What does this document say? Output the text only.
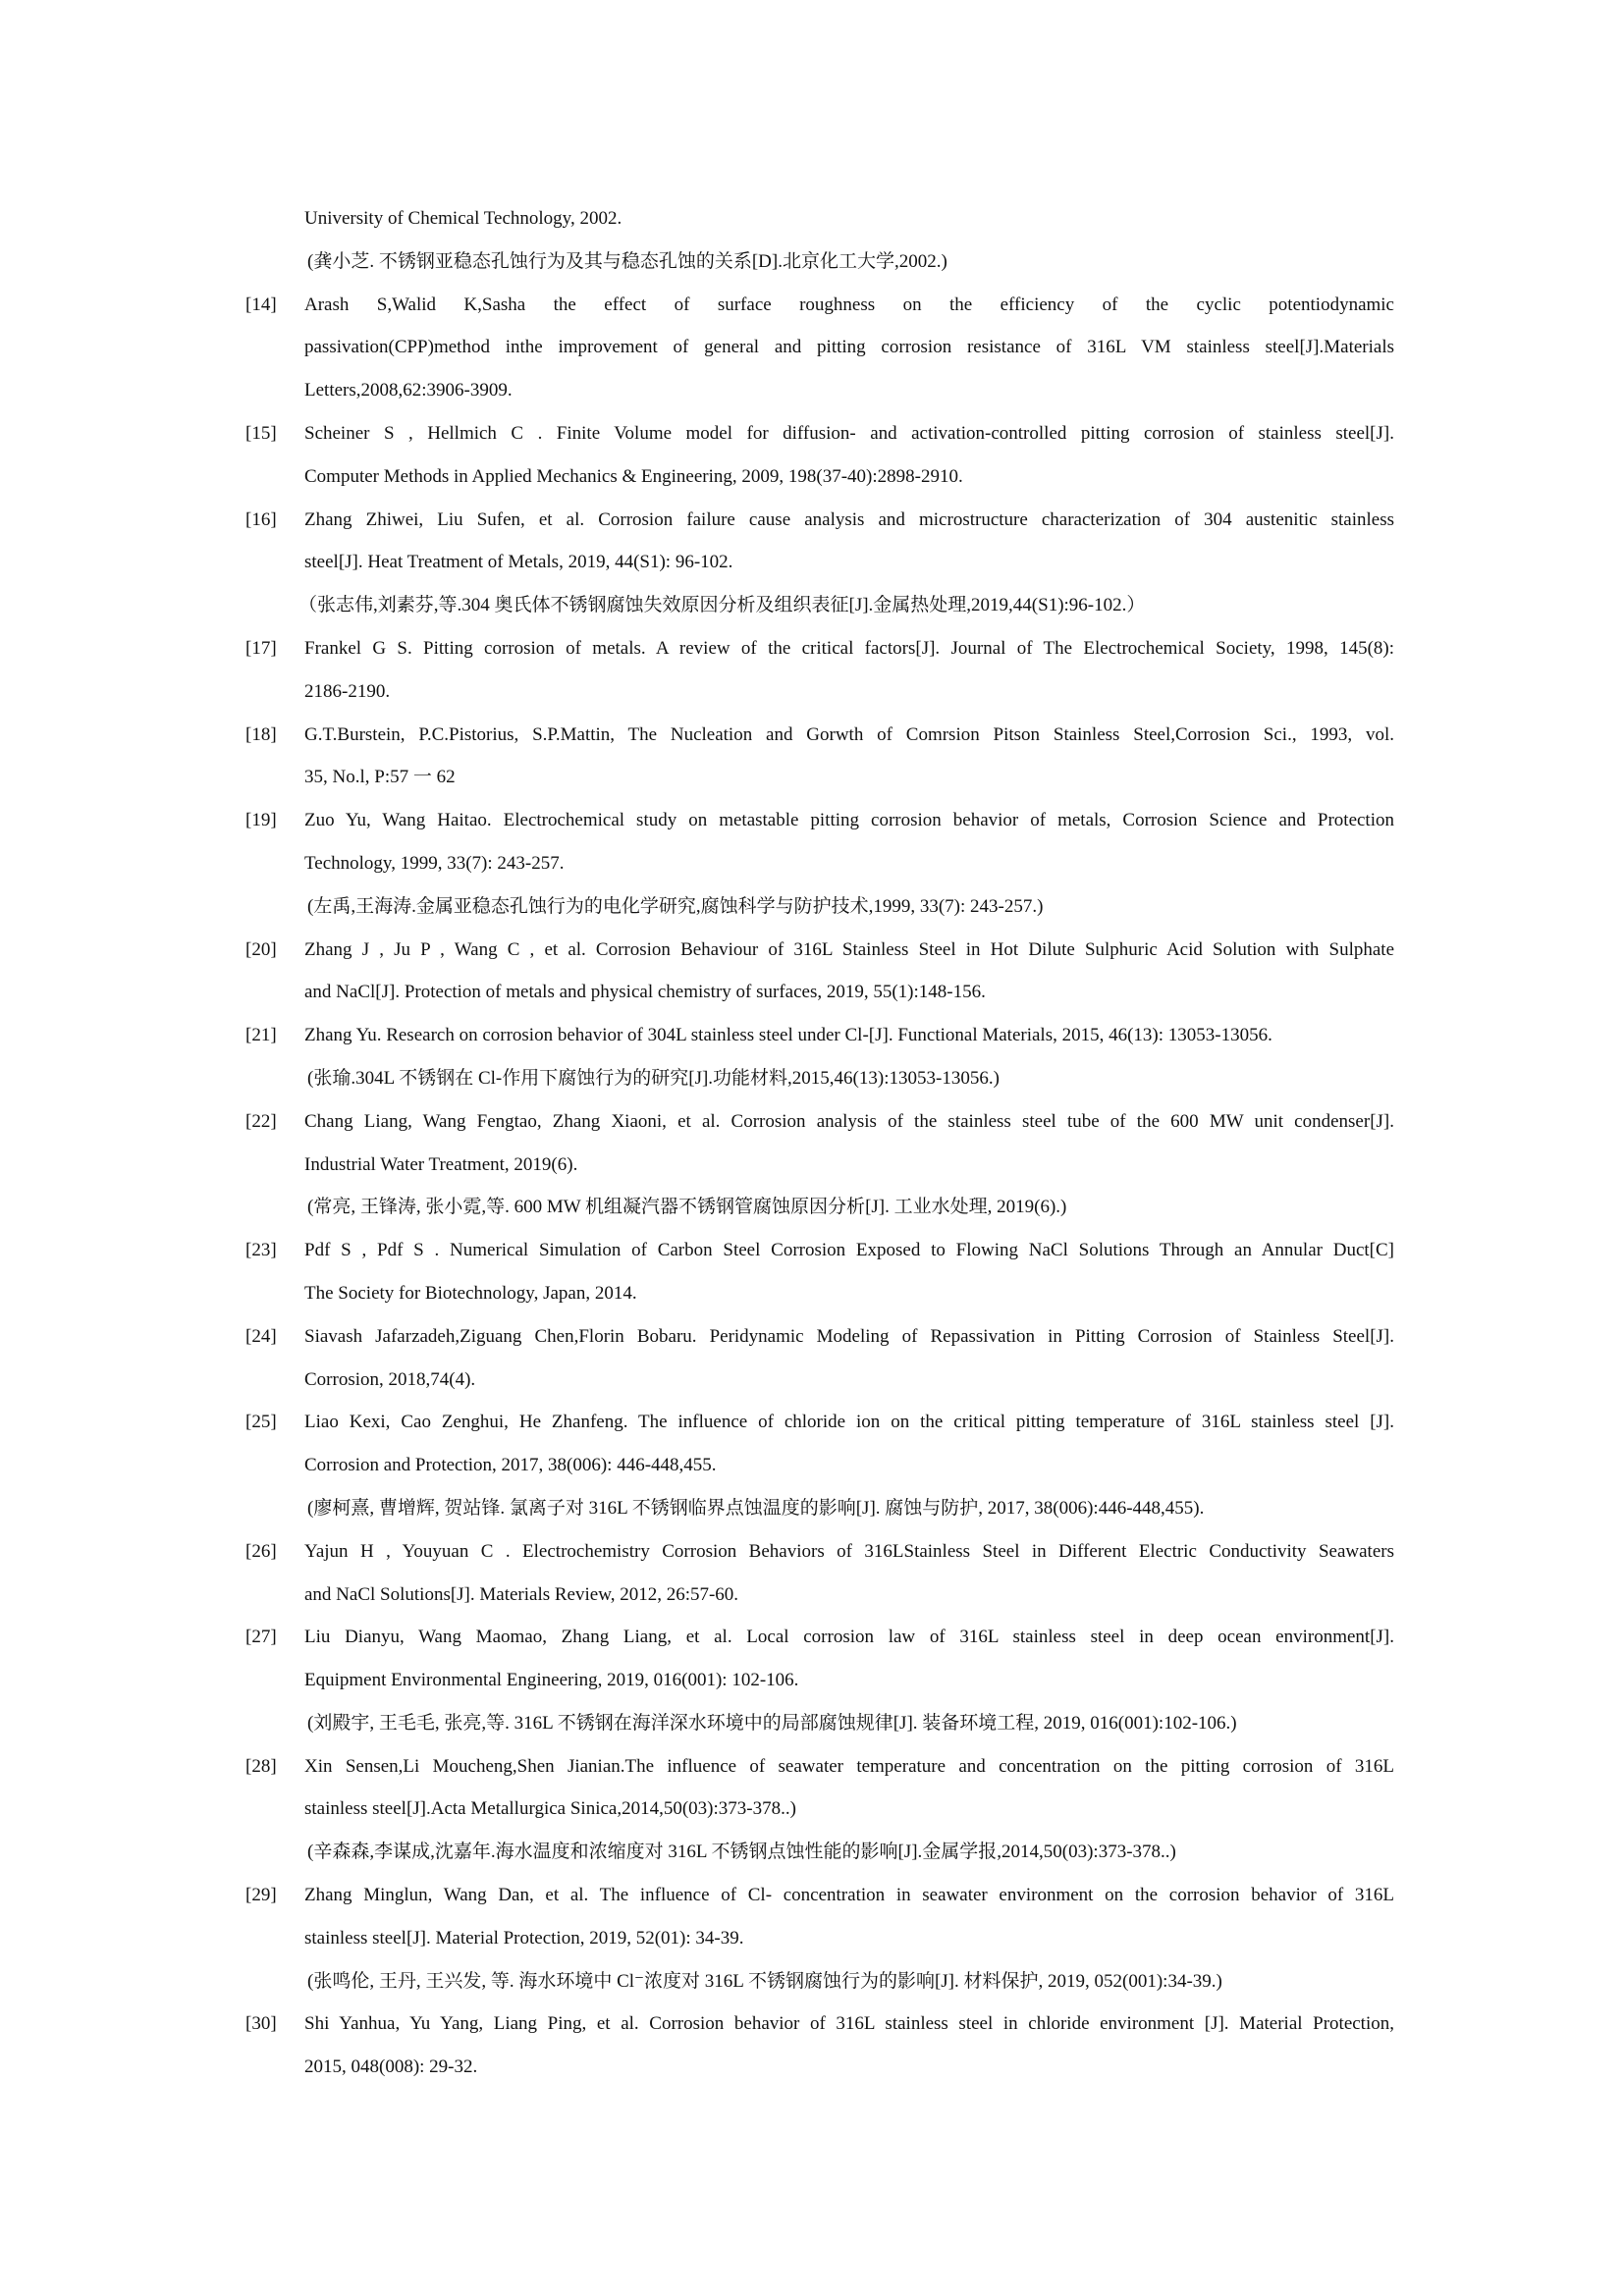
University of Chemical Technology, 2002.
(龚小芝. 不锈钢亚稳态孔蚀行为及其与稳态孔蚀的关系[D].北京化工大学,2002.)
[14] Arash S,Walid K,Sasha the effect of surface roughness on the efficiency of the cyclic potentiodynamic
passivation(CPP)method inthe improvement of general and pitting corrosion resistance of 316L VM stainless steel[J].Materials
Letters,2008,62:3906-3909.
[15] Scheiner S , Hellmich C . Finite Volume model for diffusion- and activation-controlled pitting corrosion of stainless steel[J].
Computer Methods in Applied Mechanics & Engineering, 2009, 198(37-40):2898-2910.
[16] Zhang Zhiwei, Liu Sufen, et al. Corrosion failure cause analysis and microstructure characterization of 304 austenitic stainless
steel[J]. Heat Treatment of Metals, 2019, 44(S1): 96-102.
（张志伟,刘素芬,等.304 奥氏体不锈钢腐蚀失效原因分析及组织表征[J].金属热处理,2019,44(S1):96-102.）
[17] Frankel G S. Pitting corrosion of metals. A review of the critical factors[J]. Journal of The Electrochemical Society, 1998, 145(8):
2186-2190.
[18] G.T.Burstein, P.C.Pistorius, S.P.Mattin, The Nucleation and Gorwth of Comrsion Pitson Stainless Steel,Corrosion Sci., 1993, vol.
35, No.l, P:57 一 62
[19] Zuo Yu, Wang Haitao. Electrochemical study on metastable pitting corrosion behavior of metals, Corrosion Science and Protection
Technology, 1999, 33(7): 243-257.
(左禹,王海涛.金属亚稳态孔蚀行为的电化学研究,腐蚀科学与防护技术,1999, 33(7): 243-257.)
[20] Zhang J , Ju P , Wang C , et al. Corrosion Behaviour of 316L Stainless Steel in Hot Dilute Sulphuric Acid Solution with Sulphate
and NaCl[J]. Protection of metals and physical chemistry of surfaces, 2019, 55(1):148-156.
[21] Zhang Yu. Research on corrosion behavior of 304L stainless steel under Cl-[J]. Functional Materials, 2015, 46(13): 13053-13056.
(张瑜.304L 不锈钢在 Cl-作用下腐蚀行为的研究[J].功能材料,2015,46(13):13053-13056.)
[22] Chang Liang, Wang Fengtao, Zhang Xiaoni, et al. Corrosion analysis of the stainless steel tube of the 600 MW unit condenser[J].
Industrial Water Treatment, 2019(6).
(常亮, 王锋涛, 张小霓,等. 600 MW 机组凝汽器不锈钢管腐蚀原因分析[J]. 工业水处理, 2019(6).)
[23] Pdf S , Pdf S . Numerical Simulation of Carbon Steel Corrosion Exposed to Flowing NaCl Solutions Through an Annular Duct[C]
The Society for Biotechnology, Japan, 2014.
[24] Siavash Jafarzadeh,Ziguang Chen,Florin Bobaru. Peridynamic Modeling of Repassivation in Pitting Corrosion of Stainless Steel[J].
Corrosion, 2018,74(4).
[25] Liao Kexi, Cao Zenghui, He Zhanfeng. The influence of chloride ion on the critical pitting temperature of 316L stainless steel [J].
Corrosion and Protection, 2017, 38(006): 446-448,455.
(廖柯熹, 曹增辉, 贺站锋. 氯离子对 316L 不锈钢临界点蚀温度的影响[J]. 腐蚀与防护, 2017, 38(006):446-448,455).
[26] Yajun H , Youyuan C . Electrochemistry Corrosion Behaviors of 316LStainless Steel in Different Electric Conductivity Seawaters
and NaCl Solutions[J]. Materials Review, 2012, 26:57-60.
[27] Liu Dianyu, Wang Maomao, Zhang Liang, et al. Local corrosion law of 316L stainless steel in deep ocean environment[J].
Equipment Environmental Engineering, 2019, 016(001): 102-106.
(刘殿宇, 王毛毛, 张亮,等. 316L 不锈钢在海洋深水环境中的局部腐蚀规律[J]. 装备环境工程, 2019, 016(001):102-106.)
[28] Xin Sensen,Li Moucheng,Shen Jianian.The influence of seawater temperature and concentration on the pitting corrosion of 316L
stainless steel[J].Acta Metallurgica Sinica,2014,50(03):373-378..)
(辛森森,李谋成,沈嘉年.海水温度和浓缩度对 316L 不锈钢点蚀性能的影响[J].金属学报,2014,50(03):373-378..)
[29] Zhang Minglun, Wang Dan, et al. The influence of Cl- concentration in seawater environment on the corrosion behavior of 316L
stainless steel[J]. Material Protection, 2019, 52(01): 34-39.
(张鸣伦, 王丹, 王兴发, 等. 海水环境中 Cl⁻浓度对 316L 不锈钢腐蚀行为的影响[J]. 材料保护, 2019, 052(001):34-39.)
[30] Shi Yanhua, Yu Yang, Liang Ping, et al. Corrosion behavior of 316L stainless steel in chloride environment [J]. Material Protection,
2015, 048(008): 29-32.
